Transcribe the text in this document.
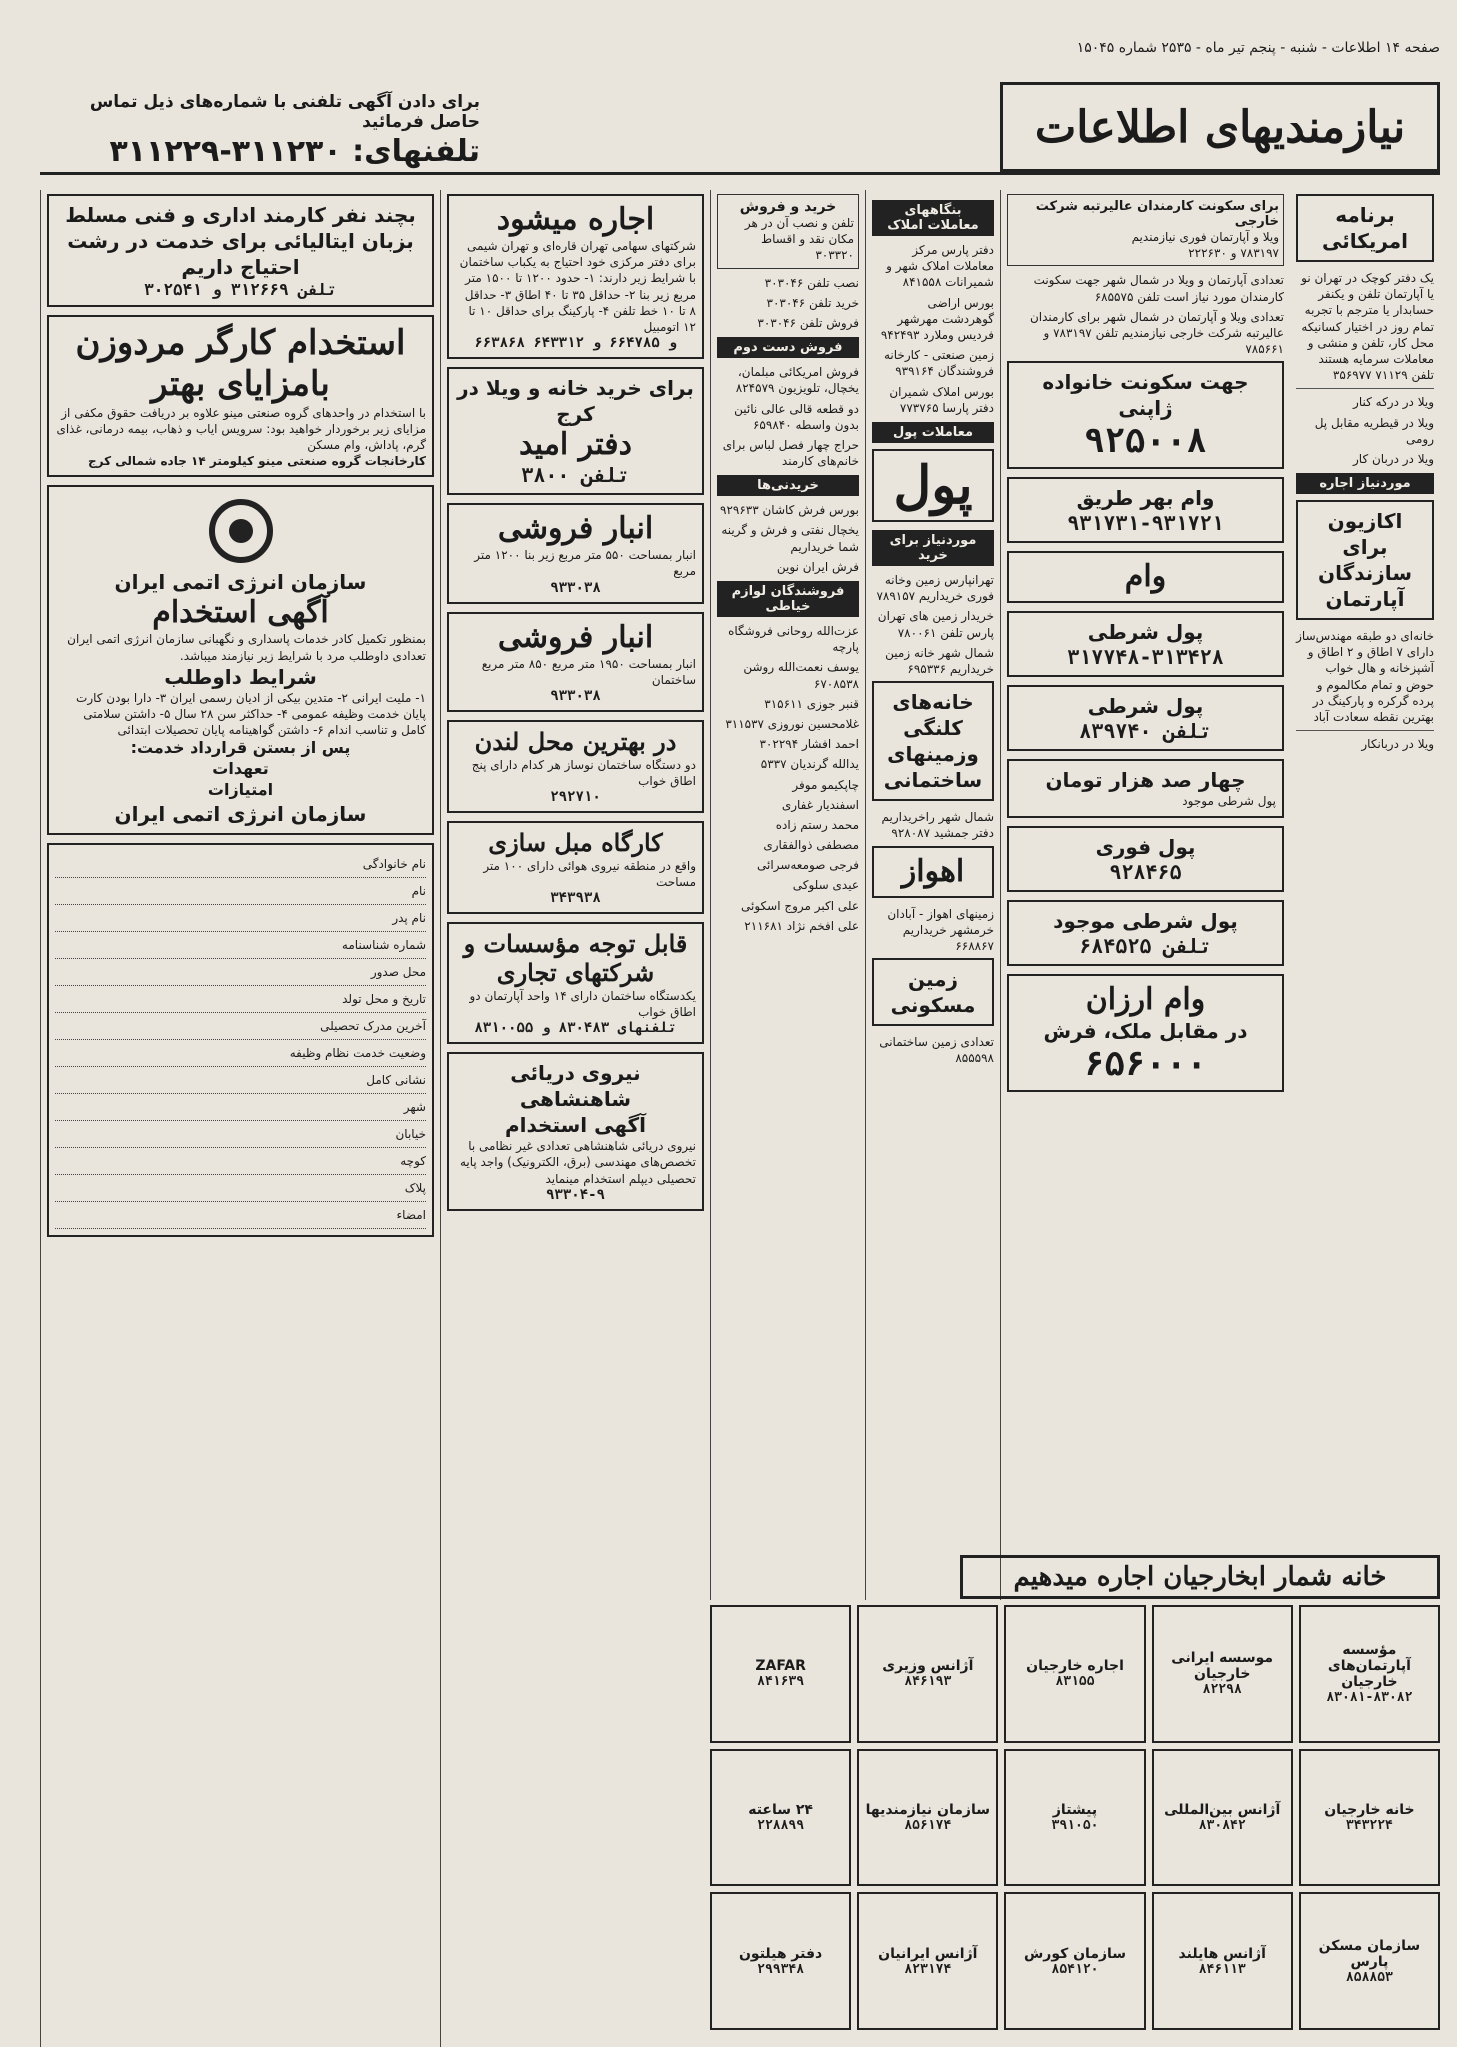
صفحه ۱۴ اطلاعات - شنبه - پنجم تیر ماه - ۲۵۳۵ شماره ۱۵۰۴۵
نیازمندیهای اطلاعات
برای دادن آگهی تلفنی با شماره‌های ذیل تماس حاصل فرمائید
تلفنهای: ۳۱۱۲۳۰-۳۱۱۲۲۹
برنامه امریکائی
یک دفتر کوچک در تهران نو یا آپارتمان تلفن و یکنفر حسابدار یا مترجم با تجربه تمام روز در اختیار کسانیکه محل کار، تلفن و منشی و معاملات سرمایه هستند تلفن ۷۱۱۲۹ ۳۵۶۹۷۷
ویلا در درکه کنار
ویلا در قیطریه مقابل پل رومی
ویلا در دربان کار
موردنیاز اجاره
اکازیون برای سازندگان آپارتمان
خانه‌ای دو طبقه مهندس‌ساز دارای ۷ اطاق و ۲ اطاق و آشپزخانه و هال خواب حوض و تمام مکالموم و پرده گرکره و پارکینگ در بهترین نقطه سعادت آباد
ویلا در دربانکار
برای سکونت کارمندان عالیرتبه شرکت خارجی
ویلا و آپارتمان فوری نیازمندیم
۷۸۳۱۹۷ و ۲۲۲۶۳۰
تعدادی آپارتمان و ویلا در شمال شهر جهت سکونت کارمندان مورد نیاز است تلفن ۶۸۵۵۷۵
تعدادی ویلا و آپارتمان در شمال شهر برای کارمندان عالیرتبه شرکت خارجی نیازمندیم تلفن ۷۸۳۱۹۷ و ۷۸۵۶۶۱
جهت سکونت خانواده ژاپنی
۹۲۵۰۰۸
وام بهر طریق
۹۳۱۷۳۱-۹۳۱۷۲۱
وام
پول شرطی
۳۱۷۷۴۸-۳۱۳۴۲۸
پول شرطی
تلفن ۸۳۹۷۴۰
چهار صد هزار تومان
پول شرطی موجود
پول فوری
۹۲۸۴۶۵
پول شرطی موجود
تلفن ۶۸۴۵۲۵
وام ارزان
در مقابل ملک، فرش
۶۵۶۰۰۰
بنگاههای معاملات املاک
دفتر پارس مرکز معاملات املاک شهر و شمیرانات ۸۴۱۵۵۸
بورس اراضی گوهردشت مهرشهر فردیس وملارد ۹۴۲۴۹۳
زمین صنعتی - کارخانه فروشندگان ۹۳۹۱۶۴
بورس املاک شمیران دفتر پارسا ۷۷۳۷۶۵
معاملات پول
پول
موردنیاز برای خرید
تهرانپارس زمین وخانه فوری خریداریم ۷۸۹۱۵۷
خریدار زمین های تهران پارس تلفن ۷۸۰۰۶۱
شمال شهر خانه زمین خریداریم ۶۹۵۳۳۶
خانه‌های کلنگی وزمینهای ساختمانی
شمال شهر راخریداریم دفتر جمشید ۹۲۸۰۸۷
اهواز
زمینهای اهواز - آبادان خرمشهر خریداریم ۶۶۸۸۶۷
زمین مسکونی
تعدادی زمین ساختمانی ۸۵۵۵۹۸
خرید و فروش
تلفن و نصب آن در هر مکان نقد و اقساط ۳۰۳۳۲۰
نصب تلفن ۳۰۳۰۴۶
خرید تلفن ۳۰۳۰۴۶
فروش تلفن ۳۰۳۰۴۶
فروش دست دوم
فروش امریکائی مبلمان، یخچال، تلویزیون ۸۲۴۵۷۹
دو قطعه قالی عالی نائین بدون واسطه ۶۵۹۸۴۰
حراج چهار فصل لباس برای خانم‌های کارمند
خریدنی‌ها
بورس فرش کاشان ۹۲۹۶۳۳
یخچال نفتی و فرش و گرینه شما خریداریم
فرش ایران نوین
فروشندگان لوازم خیاطی
عزت‌الله روحانی فروشگاه پارچه
یوسف نعمت‌الله روشن ۶۷۰۸۵۳۸
قنبر جوزی ۳۱۵۶۱۱
غلامحسین نوروزی ۳۱۱۵۳۷
احمد افشار ۳۰۲۲۹۴
یدالله گرندیان ۵۳۳۷
چاپکیمو موفر
اسفندیار غفاری
محمد رستم زاده
مصطفی ذوالفقاری
فرجی صومعه‌سرائی
عیدی سلوکی
علی اکبر مروج اسکوئی
علی افخم نژاد ۲۱۱۶۸۱
اجاره میشود
شرکتهای سهامی تهران قاره‌ای و تهران شیمی برای دفتر مرکزی خود احتیاج به یکباب ساختمان با شرایط زیر دارند: ۱- حدود ۱۲۰۰ تا ۱۵۰۰ متر مربع زیر بنا ۲- حداقل ۳۵ تا ۴۰ اطاق ۳- حداقل ۸ تا ۱۰ خط تلفن ۴- پارکینگ برای حداقل ۱۰ تا ۱۲ اتومبیل
۶۶۳۸۶۸ و ۶۶۴۷۸۵ و ۶۴۳۳۱۲
برای خرید خانه و ویلا در کرج
دفتر امید
تلفن ۳۸۰۰
انبار فروشی
انبار بمساحت ۵۵۰ متر مربع زیر بنا ۱۲۰۰ متر مربع
۹۳۳۰۳۸
انبار فروشی
انبار بمساحت ۱۹۵۰ متر مربع ۸۵۰ متر مربع ساختمان
۹۳۳۰۳۸
در بهترین محل لندن
دو دستگاه ساختمان نوساز هر کدام دارای پنج اطاق خواب
۲۹۲۷۱۰
کارگاه مبل سازی
واقع در منطقه نیروی هوائی دارای ۱۰۰ متر مساحت
۳۴۳۹۳۸
قابل توجه مؤسسات و شرکتهای تجاری
یکدستگاه ساختمان دارای ۱۴ واحد آپارتمان دو اطاق خواب
تلفنهای ۸۳۰۴۸۳ و ۸۳۱۰۰۵۵
نیروی دریائی شاهنشاهی
آگهی استخدام
نیروی دریائی شاهنشاهی تعدادی غیر نظامی با تخصص‌های مهندسی (برق، الکترونیک) واجد پایه تحصیلی دیپلم استخدام مینماید
۹۳۳۰۴-۹
بچند نفر کارمند اداری و فنی مسلط بزبان ایتالیائی برای خدمت در رشت احتیاج داریم
تلفن ۳۱۲۶۶۹ و ۳۰۲۵۴۱
استخدام کارگر مردوزن بامزایای بهتر
با استخدام در واحدهای گروه صنعتی مینو علاوه بر دریافت حقوق مکفی از مزایای زیر برخوردار خواهید بود: سرویس ایاب و ذهاب، بیمه درمانی، غذای گرم، پاداش، وام مسکن
کارخانجات گروه صنعتی مینو کیلومتر ۱۴ جاده شمالی کرج
سازمان انرژی اتمی ایران
آگهی استخدام
بمنظور تکمیل کادر خدمات پاسداری و نگهبانی سازمان انرژی اتمی ایران تعدادی داوطلب مرد با شرایط زیر نیازمند میباشد.
شرایط داوطلب
۱- ملیت ایرانی ۲- متدین بیکی از ادیان رسمی ایران ۳- دارا بودن کارت پایان خدمت وظیفه عمومی ۴- حداکثر سن ۲۸ سال ۵- داشتن سلامتی کامل و تناسب اندام ۶- داشتن گواهینامه پایان تحصیلات ابتدائی
پس از بستن قرارداد خدمت:
تعهدات
امتیازات
سازمان انرژی اتمی ایران
نام خانوادگی
نام
نام پدر
شماره شناسنامه
محل صدور
تاریخ و محل تولد
آخرین مدرک تحصیلی
وضعیت خدمت نظام وظیفه
نشانی کامل
شهر
خیابان
کوچه
پلاک
امضاء
خانه شمار ابخارجیان اجاره میدهیم
مؤسسه آپارتمان‌های خارجیان
۸۳۰۸۱-۸۳۰۸۲
موسسه ایرانی خارجیان
۸۲۲۹۸
اجاره خارجیان
۸۳۱۵۵
آژانس وزیری
۸۴۶۱۹۳
ZAFAR
۸۴۱۶۳۹
خانه خارجیان
۳۴۳۲۲۴
آژانس بین‌المللی
۸۳۰۸۴۲
پیشتاز
۳۹۱۰۵۰
سازمان نیازمندیها
۸۵۶۱۷۴
۲۴ ساعته
۲۲۸۸۹۹
سازمان مسکن پارس
۸۵۸۸۵۳
آژانس هایلند
۸۴۶۱۱۳
سازمان کورش
۸۵۴۱۲۰
آژانس ایرانیان
۸۲۳۱۷۴
دفتر هیلتون
۲۹۹۳۴۸
